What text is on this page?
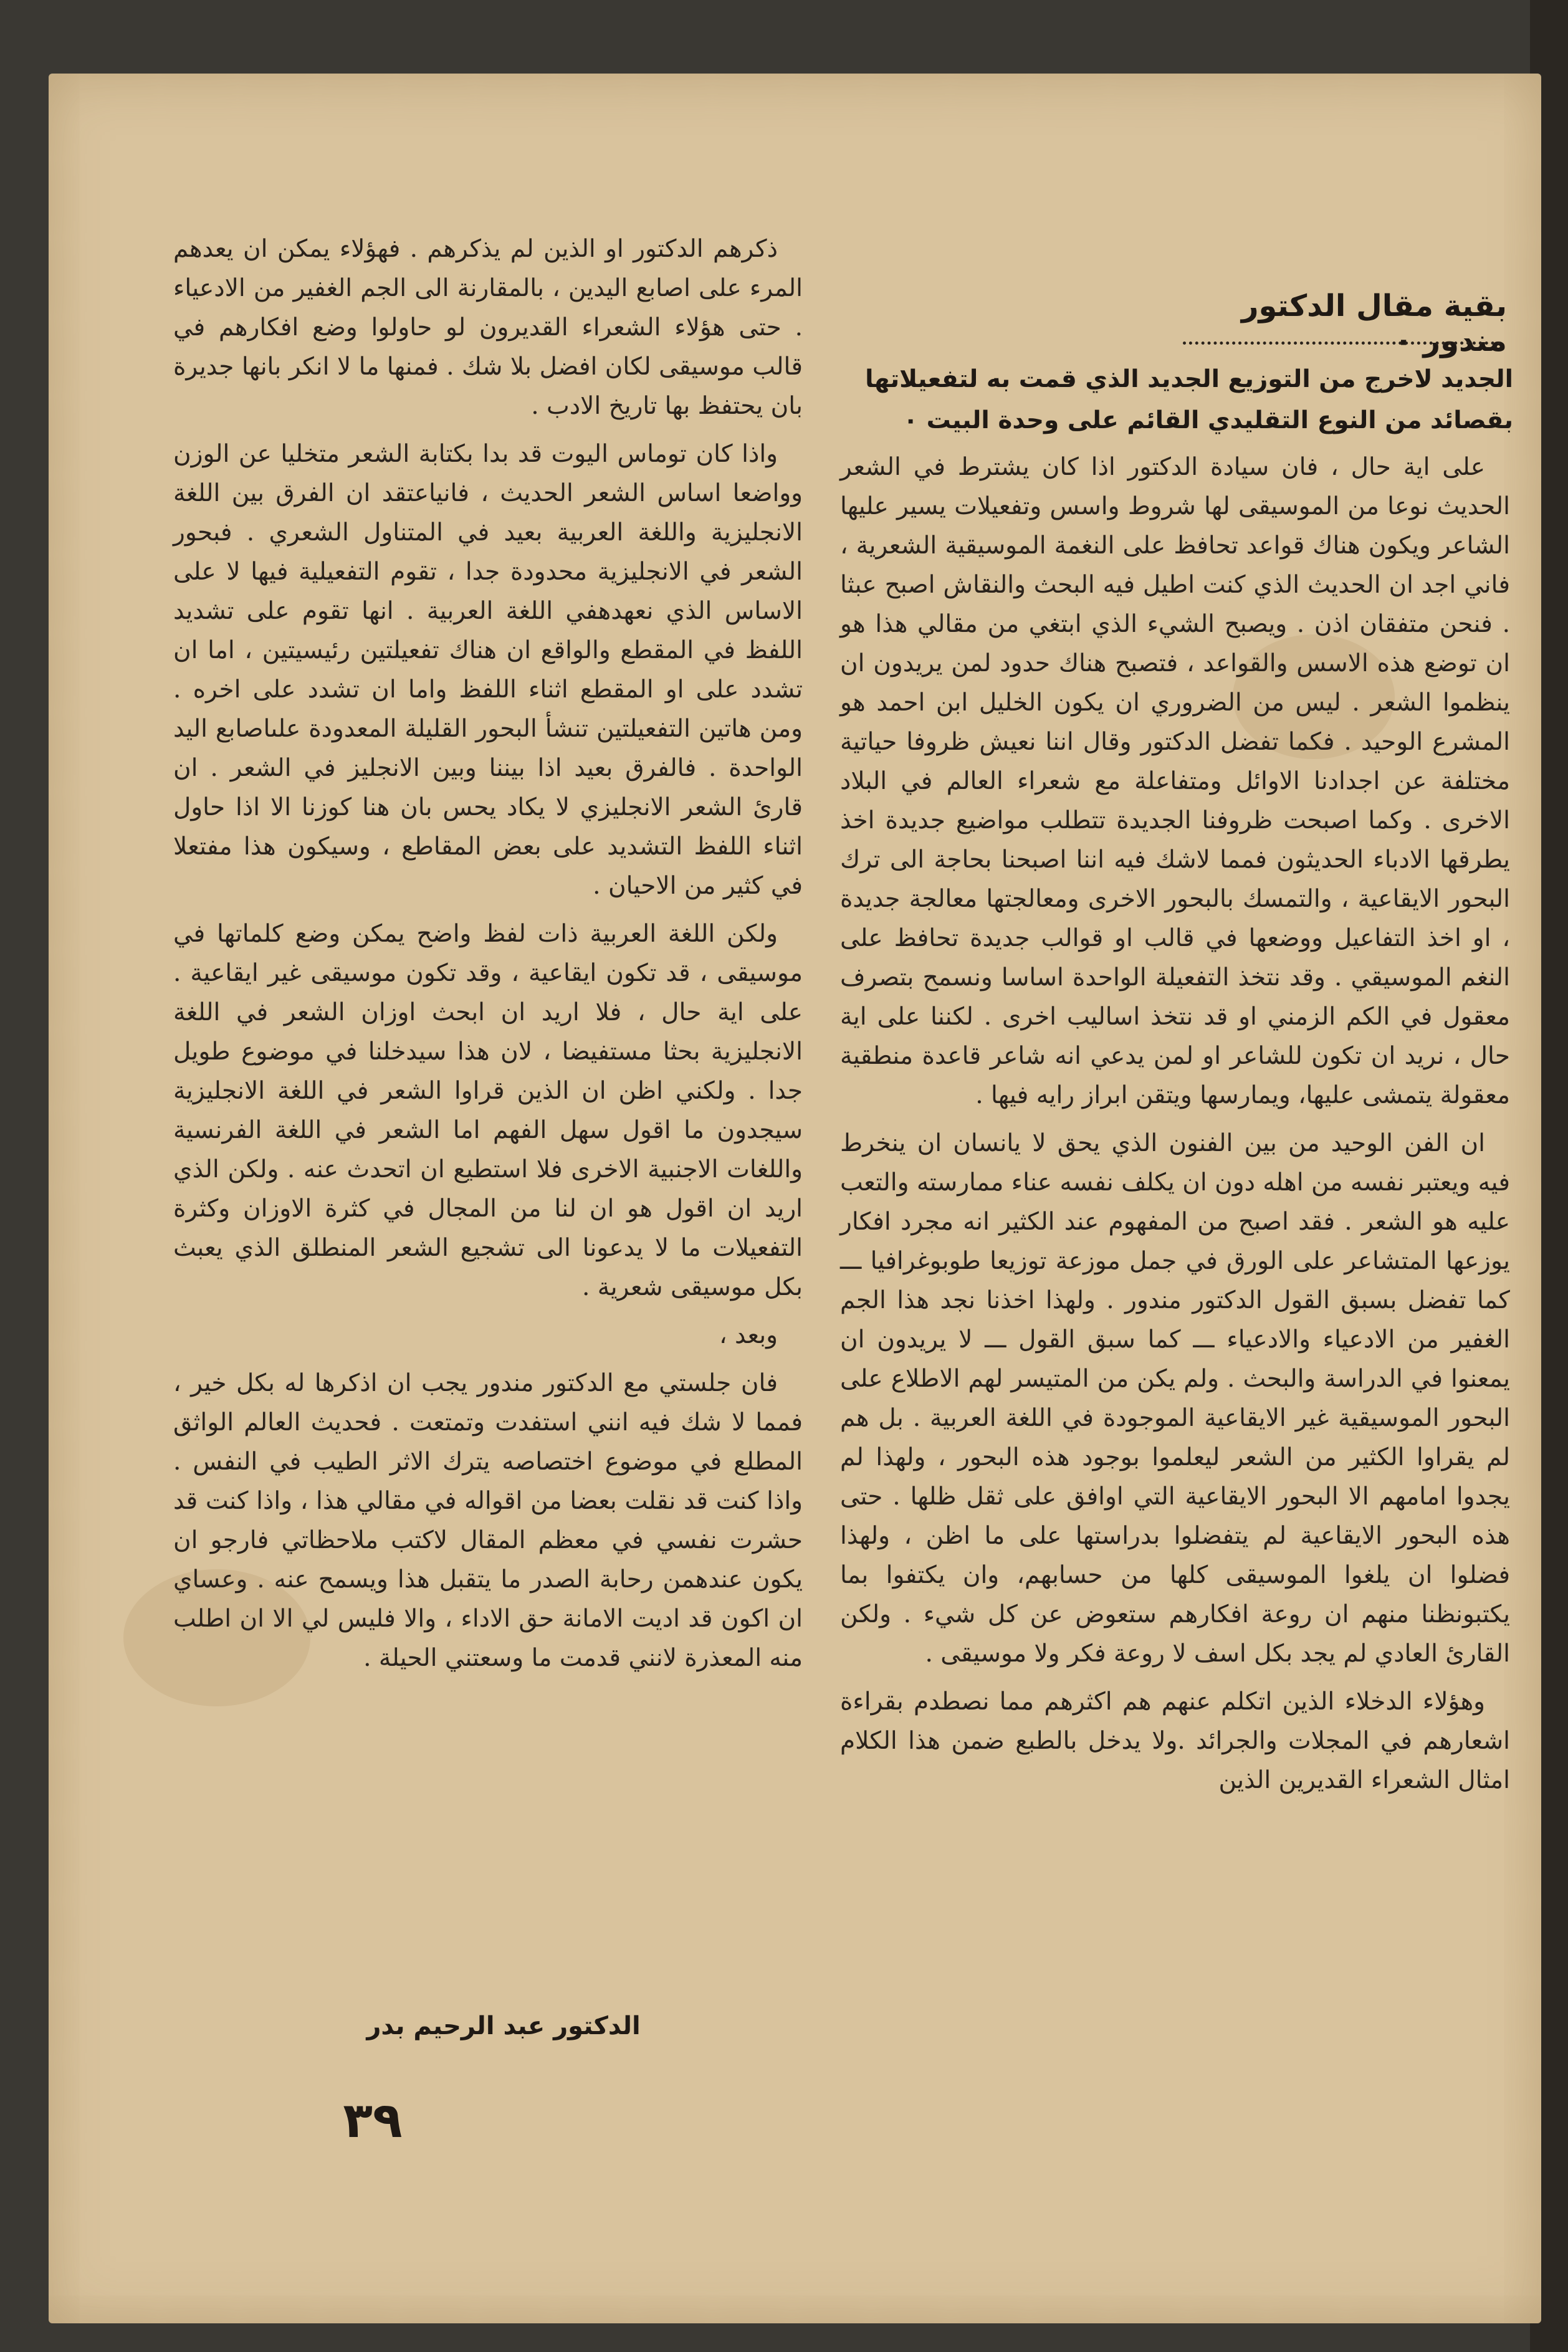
بقية مقال الدكتور مندور ٠
الجديد لاخرج من التوزيع الجديد الذي قمت به لتفعيلاتها بقصائد من النوع التقليدي القائم على وحدة البيت ٠

على اية حال ، فان سيادة الدكتور اذا كان يشترط في الشعر الحديث نوعا من الموسيقى لها شروط واسس وتفعيلات يسير عليها الشاعر ويكون هناك قواعد تحافظ على النغمة الموسيقية الشعرية ، فاني اجد ان الحديث الذي كنت اطيل فيه البحث والنقاش اصبح عبثا . فنحن متفقان اذن . ويصبح الشيء الذي ابتغي من مقالي هذا هو ان توضع هذه الاسس والقواعد ، فتصبح هناك حدود لمن يريدون ان ينظموا الشعر . ليس من الضروري ان يكون الخليل ابن احمد هو المشرع الوحيد . فكما تفضل الدكتور وقال اننا نعيش ظروفا حياتية مختلفة عن اجدادنا الاوائل ومتفاعلة مع شعراء العالم في البلاد الاخرى . وكما اصبحت ظروفنا الجديدة تتطلب مواضيع جديدة اخذ يطرقها الادباء الحديثون فمما لاشك فيه اننا اصبحنا بحاجة الى ترك البحور الايقاعية ، والتمسك بالبحور الاخرى ومعالجتها معالجة جديدة ، او اخذ التفاعيل ووضعها في قالب او قوالب جديدة تحافظ على النغم الموسيقي . وقد نتخذ التفعيلة الواحدة اساسا ونسمح بتصرف معقول في الكم الزمني او قد نتخذ اساليب اخرى . لكننا على اية حال ، نريد ان تكون للشاعر او لمن يدعي انه شاعر قاعدة منطقية معقولة يتمشى عليها، ويمارسها ويتقن ابراز رايه فيها .

ان الفن الوحيد من بين الفنون الذي يحق لا يانسان ان ينخرط فيه ويعتبر نفسه من اهله دون ان يكلف نفسه عناء ممارسته والتعب عليه هو الشعر . فقد اصبح من المفهوم عند الكثير انه مجرد افكار يوزعها المتشاعر على الورق في جمل موزعة توزيعا طوبوغرافيا ـــ كما تفضل بسبق القول الدكتور مندور . ولهذا اخذنا نجد هذا الجم الغفير من الادعياء والادعياء ـــ كما سبق القول ـــ لا يريدون ان يمعنوا في الدراسة والبحث . ولم يكن من المتيسر لهم الاطلاع على البحور الموسيقية غير الايقاعية الموجودة في اللغة العربية . بل هم لم يقراوا الكثير من الشعر ليعلموا بوجود هذه البحور ، ولهذا لم يجدوا امامهم الا البحور الايقاعية التي اوافق على ثقل ظلها . حتى هذه البحور الايقاعية لم يتفضلوا بدراستها على ما اظن ، ولهذا فضلوا ان يلغوا الموسيقى كلها من حسابهم، وان يكتفوا بما يكتبونظنا منهم ان روعة افكارهم ستعوض عن كل شيء . ولكن القارئ العادي لم يجد بكل اسف لا روعة فكر ولا موسيقى .

وهؤلاء الدخلاء الذين اتكلم عنهم هم اكثرهم مما نصطدم بقراءة اشعارهم في المجلات والجرائد .ولا يدخل بالطبع ضمن هذا الكلام امثال الشعراء القديرين الذين

ذكرهم الدكتور او الذين لم يذكرهم . فهؤلاء يمكن ان يعدهم المرء على اصابع اليدين ، بالمقارنة الى الجم الغفير من الادعياء . حتى هؤلاء الشعراء القديرون لو حاولوا وضع افكارهم في قالب موسيقى لكان افضل بلا شك . فمنها ما لا انكر بانها جديرة بان يحتفظ بها تاريخ الادب .

واذا كان توماس اليوت قد بدا بكتابة الشعر متخليا عن الوزن وواضعا اساس الشعر الحديث ، فانياعتقد ان الفرق بين اللغة الانجليزية واللغة العربية بعيد في المتناول الشعري . فبحور الشعر في الانجليزية محدودة جدا ، تقوم التفعيلية فيها لا على الاساس الذي نعهدهفي اللغة العربية . انها تقوم على تشديد اللفظ في المقطع والواقع ان هناك تفعيلتين رئيسيتين ، اما ان تشدد على او المقطع اثناء اللفظ واما ان تشدد على اخره . ومن هاتين التفعيلتين تنشأ البحور القليلة المعدودة علىاصابع اليد الواحدة . فالفرق بعيد اذا بيننا وبين الانجليز في الشعر . ان قارئ الشعر الانجليزي لا يكاد يحس بان هنا كوزنا الا اذا حاول اثناء اللفظ التشديد على بعض المقاطع ، وسيكون هذا مفتعلا في كثير من الاحيان .

ولكن اللغة العربية ذات لفظ واضح يمكن وضع كلماتها في موسيقى ، قد تكون ايقاعية ، وقد تكون موسيقى غير ايقاعية . على اية حال ، فلا اريد ان ابحث اوزان الشعر في اللغة الانجليزية بحثا مستفيضا ، لان هذا سيدخلنا في موضوع طويل جدا . ولكني اظن ان الذين قراوا الشعر في اللغة الانجليزية سيجدون ما اقول سهل الفهم اما الشعر في اللغة الفرنسية واللغات الاجنبية الاخرى فلا استطيع ان اتحدث عنه . ولكن الذي اريد ان اقول هو ان لنا من المجال في كثرة الاوزان وكثرة التفعيلات ما لا يدعونا الى تشجيع الشعر المنطلق الذي يعبث بكل موسيقى شعرية .

وبعد ،

فان جلستي مع الدكتور مندور يجب ان اذكرها له بكل خير ، فمما لا شك فيه انني استفدت وتمتعت . فحديث العالم الواثق المطلع في موضوع اختصاصه يترك الاثر الطيب في النفس . واذا كنت قد نقلت بعضا من اقواله في مقالي هذا ، واذا كنت قد حشرت نفسي في معظم المقال لاكتب ملاحظاتي فارجو ان يكون عندهمن رحابة الصدر ما يتقبل هذا ويسمح عنه . وعساي ان اكون قد اديت الامانة حق الاداء ، والا فليس لي الا ان اطلب منه المعذرة لانني قدمت ما وسعتني الحيلة .

الدكتور عبد الرحيم بدر
٣٩
